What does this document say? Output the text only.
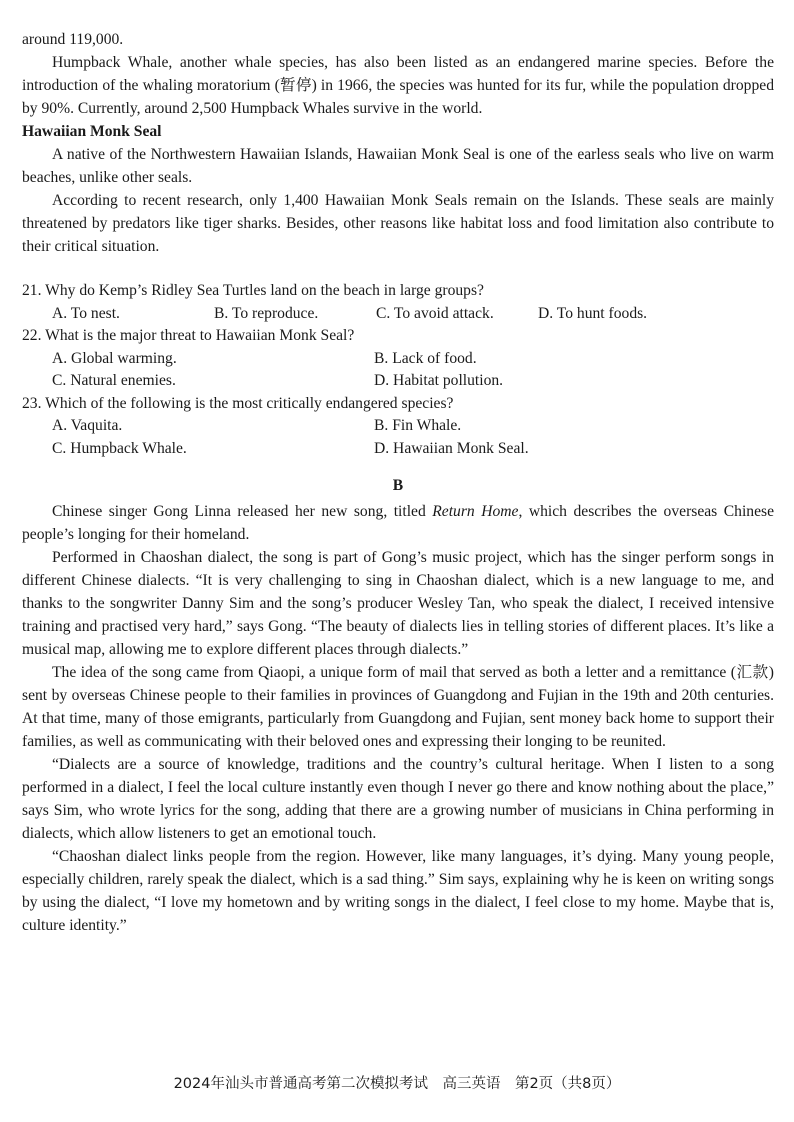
around 119,000.

Humpback Whale, another whale species, has also been listed as an endangered marine species. Before the introduction of the whaling moratorium (暂停) in 1966, the species was hunted for its fur, while the population dropped by 90%. Currently, around 2,500 Humpback Whales survive in the world.

Hawaiian Monk Seal

A native of the Northwestern Hawaiian Islands, Hawaiian Monk Seal is one of the earless seals who live on warm beaches, unlike other seals.

According to recent research, only 1,400 Hawaiian Monk Seals remain on the Islands. These seals are mainly threatened by predators like tiger sharks. Besides, other reasons like habitat loss and food limitation also contribute to their critical situation.

21. Why do Kemp’s Ridley Sea Turtles land on the beach in large groups?

A. To nest.	B. To reproduce.	C. To avoid attack.	D. To hunt foods.

22. What is the major threat to Hawaiian Monk Seal?

A. Global warming.	B. Lack of food.
C. Natural enemies.	D. Habitat pollution.

23. Which of the following is the most critically endangered species?

A. Vaquita.	B. Fin Whale.
C. Humpback Whale.	D. Hawaiian Monk Seal.
B

Chinese singer Gong Linna released her new song, titled Return Home, which describes the overseas Chinese people’s longing for their homeland.

Performed in Chaoshan dialect, the song is part of Gong’s music project, which has the singer perform songs in different Chinese dialects. “It is very challenging to sing in Chaoshan dialect, which is a new language to me, and thanks to the songwriter Danny Sim and the song’s producer Wesley Tan, who speak the dialect, I received intensive training and practised very hard,” says Gong. “The beauty of dialects lies in telling stories of different places. It’s like a musical map, allowing me to explore different places through dialects.”

The idea of the song came from Qiaopi, a unique form of mail that served as both a letter and a remittance (汇款) sent by overseas Chinese people to their families in provinces of Guangdong and Fujian in the 19th and 20th centuries. At that time, many of those emigrants, particularly from Guangdong and Fujian, sent money back home to support their families, as well as communicating with their beloved ones and expressing their longing to be reunited.

“Dialects are a source of knowledge, traditions and the country’s cultural heritage. When I listen to a song performed in a dialect, I feel the local culture instantly even though I never go there and know nothing about the place,” says Sim, who wrote lyrics for the song, adding that there are a growing number of musicians in China performing in dialects, which allow listeners to get an emotional touch.

“Chaoshan dialect links people from the region. However, like many languages, it’s dying. Many young people, especially children, rarely speak the dialect, which is a sad thing.” Sim says, explaining why he is keen on writing songs by using the dialect, “I love my hometown and by writing songs in the dialect, I feel close to my home. Maybe that is, culture identity.”

2024年汕头市普通高考第二次模拟考试　高三英语　第2页（共8页）
